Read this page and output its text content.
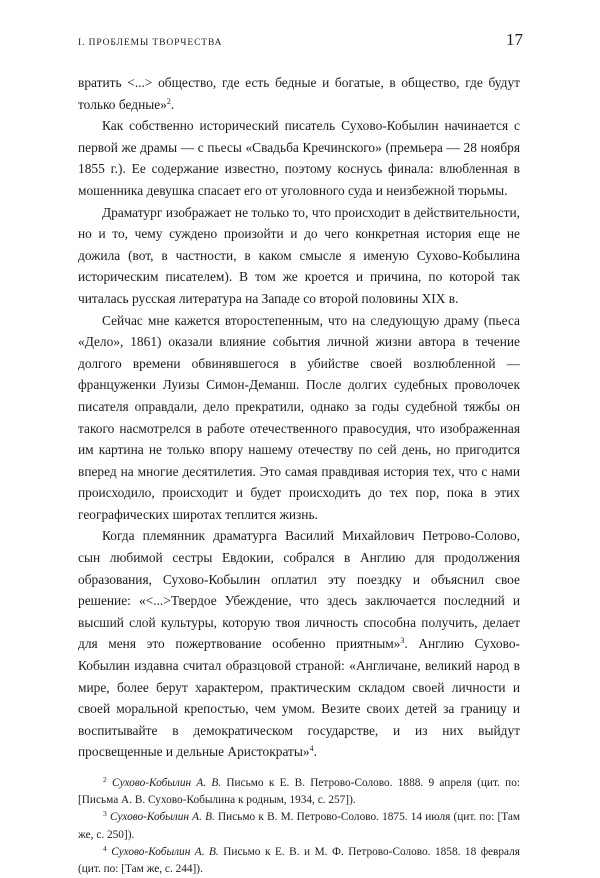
I. ПРОБЛЕМЫ ТВОРЧЕСТВА	17

вратить <...> общество, где есть бедные и богатые, в общество, где будут только бедные»$^2$.

Как собственно исторический писатель Сухово-Кобылин начинается с первой же драмы — с пьесы «Свадьба Кречинского» (премьера — 28 ноября 1855 г.). Ее содержание известно, поэтому коснусь финала: влюбленная в мошенника девушка спасает его от уголовного суда и неизбежной тюрьмы.

Драматург изображает не только то, что происходит в действительности, но и то, чему суждено произойти и до чего конкретная история еще не дожила (вот, в частности, в каком смысле я именую Сухово-Кобылина историческим писателем). В том же кроется и причина, по которой так читалась русская литература на Западе со второй половины XIX в.

Сейчас мне кажется второстепенным, что на следующую драму (пьеса «Дело», 1861) оказали влияние события личной жизни автора в течение долгого времени обвинявшегося в убийстве своей возлюбленной — француженки Луизы Симон-Деманш. После долгих судебных проволочек писателя оправдали, дело прекратили, однако за годы судебной тяжбы он такого насмотрелся в работе отечественного правосудия, что изображенная им картина не только впору нашему отечеству по сей день, но пригодится вперед на многие десятилетия. Это самая правдивая история тех, что с нами происходило, происходит и будет происходить до тех пор, пока в этих географических широтах теплится жизнь.

Когда племянник драматурга Василий Михайлович Петрово-Солово, сын любимой сестры Евдокии, собрался в Англию для продолжения образования, Сухово-Кобылин оплатил эту поездку и объяснил свое решение: «<...>Твердое Убеждение, что здесь заключается последний и высший слой культуры, которую твоя личность способна получить, делает для меня это пожертвование особенно приятным»$^3$. Англию Сухово-Кобылин издавна считал образцовой страной: «Англичане, великий народ в мире, более берут характером, практическим складом своей личности и своей моральной крепостью, чем умом. Везите своих детей за границу и воспитывайте в демократическом государстве, и из них выйдут просвещенные и дельные Аристократы»$^4$.

$^2$ Сухово-Кобылин А. В. Письмо к Е. В. Петрово-Солово. 1888. 9 апреля (цит. по: [Письма А. В. Сухово-Кобылина к родным, 1934, с. 257]).

$^3$ Сухово-Кобылин А. В. Письмо к В. М. Петрово-Солово. 1875. 14 июля (цит. по: [Там же, с. 250]).

$^4$ Сухово-Кобылин А. В. Письмо к Е. В. и М. Ф. Петрово-Солово. 1858. 18 февраля (цит. по: [Там же, с. 244]).
